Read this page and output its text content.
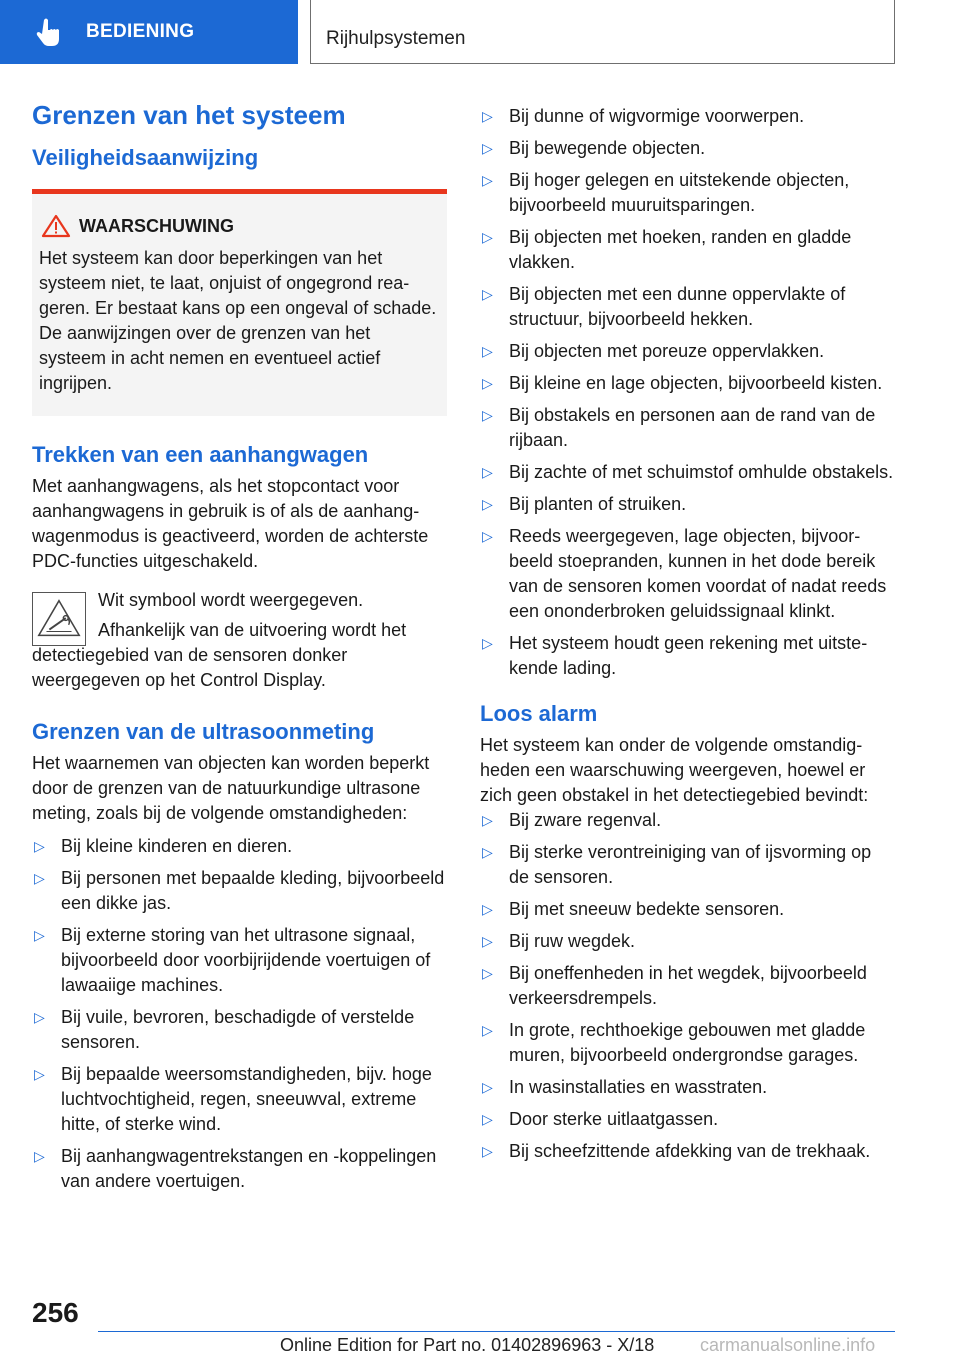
BEDIENING	Rijhulpsystemen
Grenzen van het systeem
Veiligheidsaanwijzing
WAARSCHUWING

Het systeem kan door beperkingen van het systeem niet, te laat, onjuist of ongegrond reageren. Er bestaat kans op een ongeval of schade. De aanwijzingen over de grenzen van het systeem in acht nemen en eventueel actief ingrijpen.

Trekken van een aanhangwagen

Met aanhangwagens, als het stopcontact voor aanhangwagens in gebruik is of als de aanhangwagenmodus is geactiveerd, worden de achterste PDC-functies uitgeschakeld.

Wit symbool wordt weergegeven.

Afhankelijk van de uitvoering wordt het detectiegebied van de sensoren donker weergegeven op het Control Display.

Grenzen van de ultrasoonmeting

Het waarnemen van objecten kan worden beperkt door de grenzen van de natuurkundige ultrasone meting, zoals bij de volgende omstandigheden:

▷ Bij kleine kinderen en dieren.
▷ Bij personen met bepaalde kleding, bijvoorbeeld een dikke jas.
▷ Bij externe storing van het ultrasone signaal, bijvoorbeeld door voorbijrijdende voertuigen of lawaaiige machines.
▷ Bij vuile, bevroren, beschadigde of verstelde sensoren.
▷ Bij bepaalde weersomstandigheden, bijv. hoge luchtvochtigheid, regen, sneeuwval, extreme hitte, of sterke wind.
▷ Bij aanhangwagentrekstangen en -koppelingen van andere voertuigen.
▷ Bij dunne of wigvormige voorwerpen.
▷ Bij bewegende objecten.
▷ Bij hoger gelegen en uitstekende objecten, bijvoorbeeld muuruitsparingen.
▷ Bij objecten met hoeken, randen en gladde vlakken.
▷ Bij objecten met een dunne oppervlakte of structuur, bijvoorbeeld hekken.
▷ Bij objecten met poreuze oppervlakken.
▷ Bij kleine en lage objecten, bijvoorbeeld kisten.
▷ Bij obstakels en personen aan de rand van de rijbaan.
▷ Bij zachte of met schuimstof omhulde obstakels.
▷ Bij planten of struiken.
▷ Reeds weergegeven, lage objecten, bijvoorbeeld stoepranden, kunnen in het dode bereik van de sensoren komen voordat of nadat reeds een ononderbroken geluidssignaal klinkt.
▷ Het systeem houdt geen rekening met uitstekende lading.
Loos alarm

Het systeem kan onder de volgende omstandigheden een waarschuwing weergeven, hoewel er zich geen obstakel in het detectiegebied bevindt:

▷ Bij zware regenval.
▷ Bij sterke verontreiniging van of ijsvorming op de sensoren.
▷ Bij met sneeuw bedekte sensoren.
▷ Bij ruw wegdek.
▷ Bij oneffenheden in het wegdek, bijvoorbeeld verkeersdrempels.
▷ In grote, rechthoekige gebouwen met gladde muren, bijvoorbeeld ondergrondse garages.
▷ In wasinstallaties en wasstraten.
▷ Door sterke uitlaatgassen.
▷ Bij scheefzittende afdekking van de trekhaak.
256
Online Edition for Part no. 01402896963 - X/18	carmanualsonline.info
